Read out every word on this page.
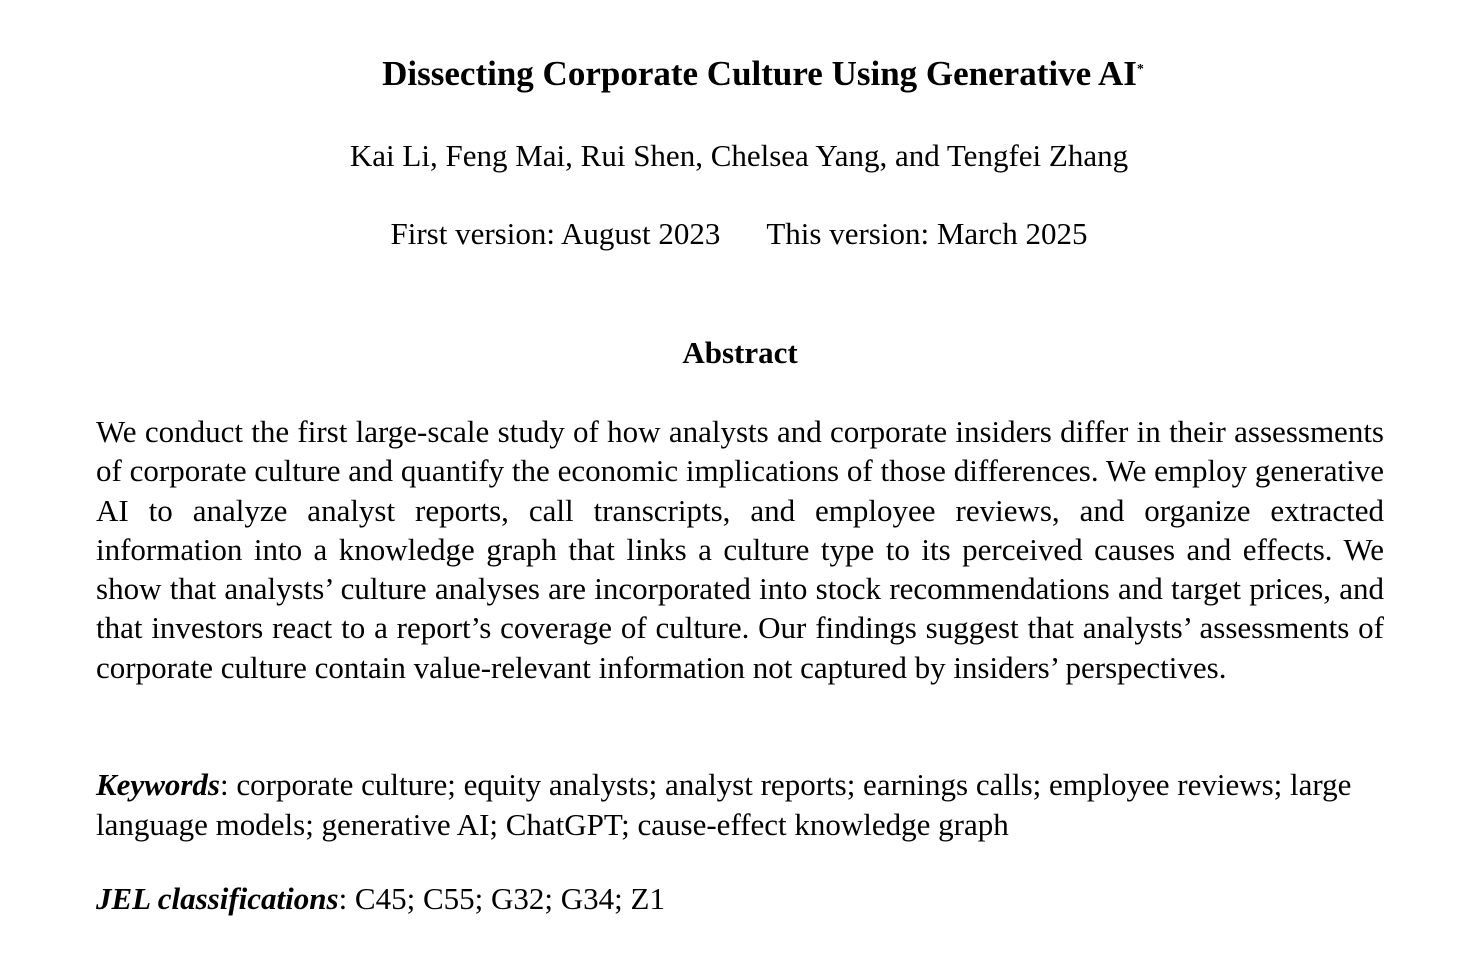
Dissecting Corporate Culture Using Generative AI*
Kai Li, Feng Mai, Rui Shen, Chelsea Yang, and Tengfei Zhang
First version: August 2023 This version: March 2025
Abstract
We conduct the first large-scale study of how analysts and corporate insiders differ in their assessments of corporate culture and quantify the economic implications of those differences. We employ generative AI to analyze analyst reports, call transcripts, and employee reviews, and organize extracted information into a knowledge graph that links a culture type to its perceived causes and effects. We show that analysts’ culture analyses are incorporated into stock recommendations and target prices, and that investors react to a report’s coverage of culture. Our findings suggest that analysts’ assessments of corporate culture contain value-relevant information not captured by insiders’ perspectives.
Keywords: corporate culture; equity analysts; analyst reports; earnings calls; employee reviews; large language models; generative AI; ChatGPT; cause-effect knowledge graph
JEL classifications: C45; C55; G32; G34; Z1
